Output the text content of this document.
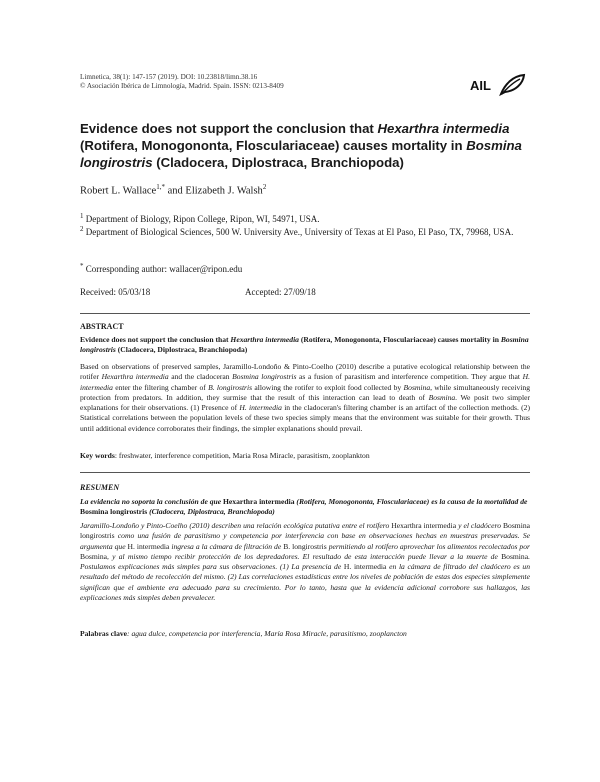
Limnetica, 38(1): 147-157 (2019). DOI: 10.23818/limn.38.16
© Asociación Ibérica de Limnología, Madrid. Spain. ISSN: 0213-8409	AIL
Evidence does not support the conclusion that Hexarthra intermedia (Rotifera, Monogononta, Flosculariaceae) causes mortality in Bosmina longirostris (Cladocera, Diplostraca, Branchiopoda)
Robert L. Wallace$^{1,*}$ and Elizabeth J. Walsh$^2$
$^1$ Department of Biology, Ripon College, Ripon, WI, 54971, USA.
$^2$ Department of Biological Sciences, 500 W. University Ave., University of Texas at El Paso, El Paso, TX, 79968, USA.
* Corresponding author: wallacer@ripon.edu
Received: 05/03/18	Accepted: 27/09/18
ABSTRACT
Evidence does not support the conclusion that Hexarthra intermedia (Rotifera, Monogononta, Flosculariaceae) causes mortality in Bosmina longirostris (Cladocera, Diplostraca, Branchiopoda)
Based on observations of preserved samples, Jaramillo-Londoño & Pinto-Coelho (2010) describe a putative ecological relationship between the rotifer Hexarthra intermedia and the cladoceran Bosmina longirostris as a fusion of parasitism and interference competition. They argue that H. intermedia enter the filtering chamber of B. longirostris allowing the rotifer to exploit food collected by Bosmina, while simultaneously receiving protection from predators. In addition, they surmise that the result of this interaction can lead to death of Bosmina. We posit two simpler explanations for their observations. (1) Presence of H. intermedia in the cladoceran's filtering chamber is an artifact of the collection methods. (2) Statistical correlations between the population levels of these two species simply means that the environment was suitable for their growth. Thus until additional evidence corroborates their findings, the simpler explanations should prevail.
Key words: freshwater, interference competition, Maria Rosa Miracle, parasitism, zooplankton
RESUMEN
La evidencia no soporta la conclusión de que Hexarthra intermedia (Rotifera, Monogononta, Flosculariaceae) es la causa de la mortalidad de Bosmina longirostris (Cladocera, Diplostraca, Branchiopoda)
Jaramillo-Londoño y Pinto-Coelho (2010) describen una relación ecológica putativa entre el rotífero Hexarthra intermedia y el cladócero Bosmina longirostris como una fusión de parasitismo y competencia por interferencia con base en observaciones hechas en muestras preservadas. Se argumenta que H. intermedia ingresa a la cámara de filtración de B. longirostris permitiendo al rotífero aprovechar los alimentos recolectados por Bosmina, y al mismo tiempo recibir protección de los depredadores. El resultado de esta interacción puede llevar a la muerte de Bosmina. Postulamos explicaciones más simples para sus observaciones. (1) La presencia de H. intermedia en la cámara de filtrado del cladócero es un resultado del método de recolección del mismo. (2) Las correlaciones estadísticas entre los niveles de población de estas dos especies simplemente significan que el ambiente era adecuado para su crecimiento. Por lo tanto, hasta que la evidencia adicional corrobore sus hallazgos, las explicaciones más simples deben prevalecer.
Palabras clave: agua dulce, competencia por interferencia, María Rosa Miracle, parasitismo, zooplancton
